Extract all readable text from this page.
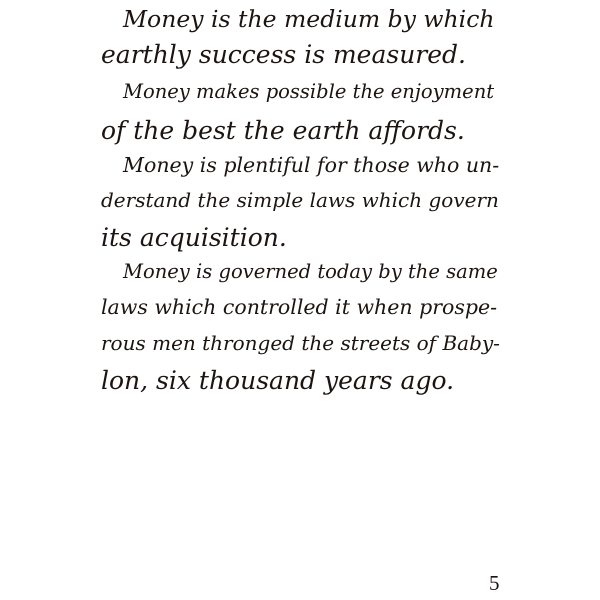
Money is the medium by which
earthly success is measured.
Money makes possible the enjoyment
of the best the earth affords.
Money is plentiful for those who un-
derstand the simple laws which govern
its acquisition.
Money is governed today by the same
laws which controlled it when prospe-
rous men thronged the streets of Baby-
lon, six thousand years ago.
5
